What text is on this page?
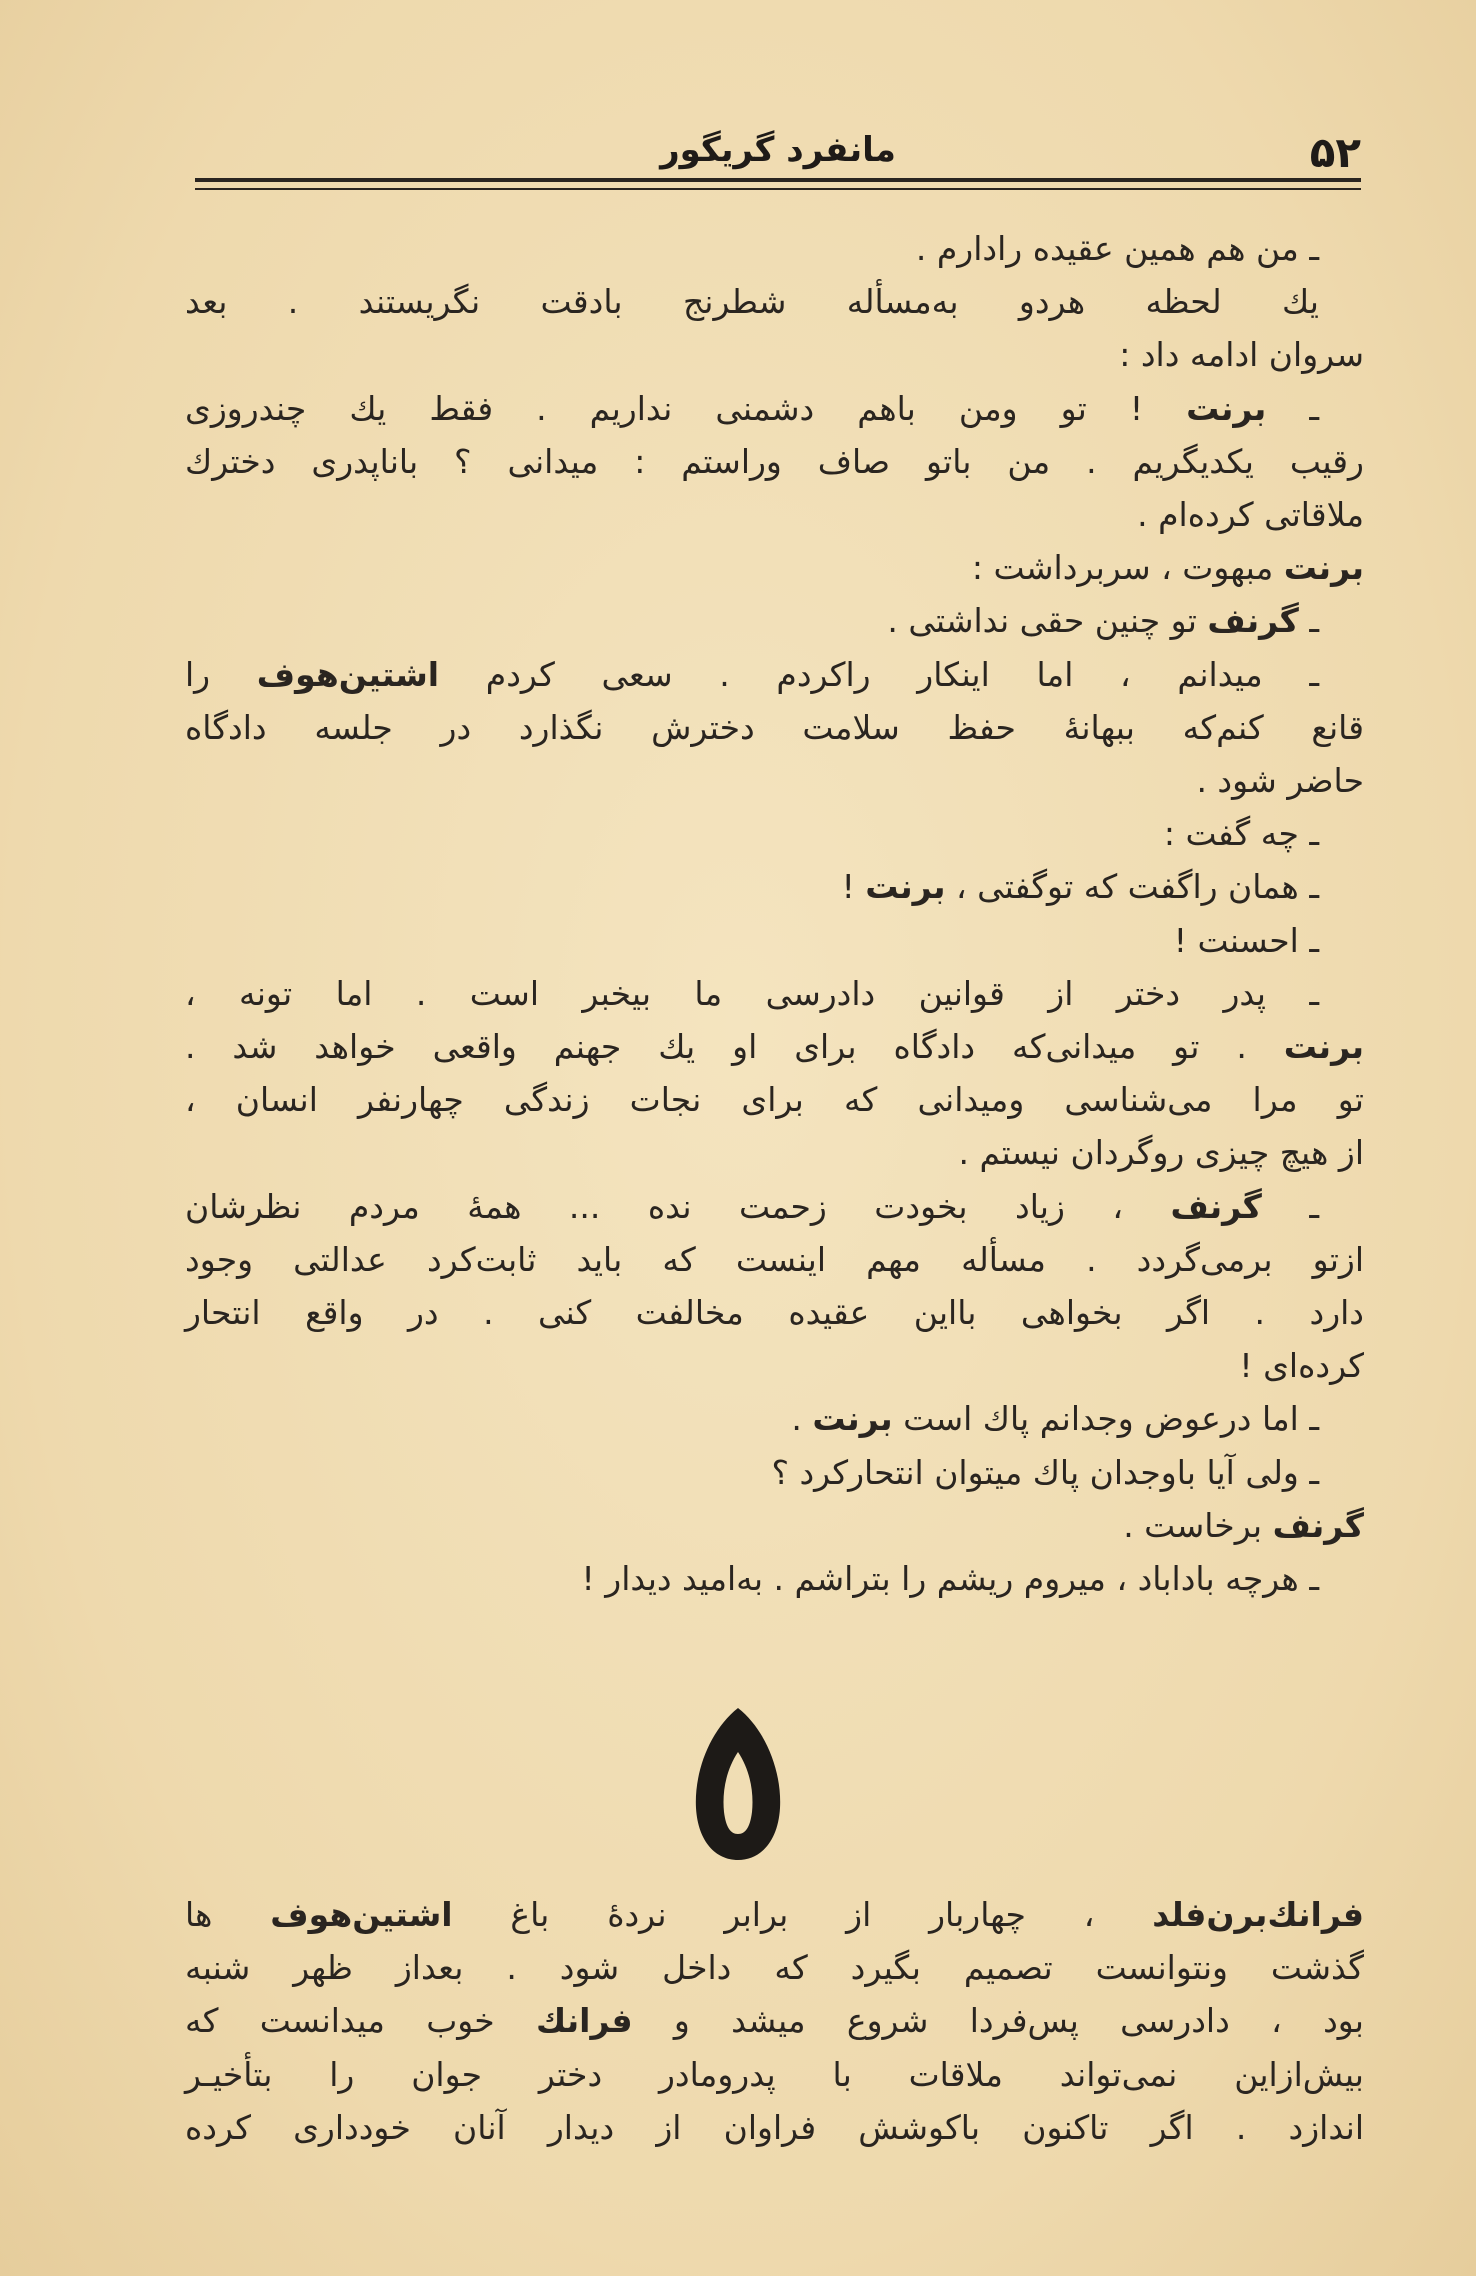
۵۲
مانفرد گریگور
ـ من هم همین عقیده رادارم .
يك لحظه هردو به‌مسأله شطرنج بادقت نگریستند . بعد
سروان ادامه داد :
ـ برنت ! تو ومن باهم دشمنی نداریم . فقط يك چندروزی
رقیب یکدیگریم . من باتو صاف وراستم : میدانی ؟ باناپدری دخترك
ملاقاتی کرده‌ام .
برنت مبهوت ، سربرداشت :
ـ گرنف تو چنین حقی نداشتی .
ـ میدانم ، اما اینکار راکردم . سعی کردم اشتین‌هوف را
قانع کنم‌که ببهانهٔ حفظ سلامت دخترش نگذارد در جلسه دادگاه
حاضر شود .
ـ چه گفت :
ـ همان راگفت که توگفتی ، برنت !
ـ احسنت !
ـ پدر دختر از قوانین دادرسی ما بیخبر است . اما تونه ،
برنت . تو میدانی‌که دادگاه برای او يك جهنم واقعی خواهد شد .
تو مرا می‌شناسی ومیدانی که برای نجات زندگی چهارنفر انسان ،
از هیچ چیزی روگردان نیستم .
ـ گرنف ، زیاد بخودت زحمت نده ... همهٔ مردم نظرشان
ازتو برمی‌گردد . مسأله مهم اینست که باید ثابت‌کرد عدالتی وجود
دارد . اگر بخواهی بااین عقیده مخالفت کنی . در واقع انتحار
کرده‌ای !
ـ اما درعوض وجدانم پاك است برنت .
ـ ولی آیا باوجدان پاك میتوان انتحارکرد ؟
گرنف برخاست .
ـ هرچه باداباد ، میروم ریشم را بتراشم . به‌امید دیدار !
فرانك‌برن‌فلد ، چهاربار از برابر نردهٔ باغ اشتین‌هوف ها
گذشت ونتوانست تصمیم بگیرد که داخل شود . بعداز ظهر شنبه
بود ، دادرسی پس‌فردا شروع میشد و فرانك خوب میدانست که
بیش‌ازاین نمی‌تواند ملاقات با پدرومادر دختر جوان را بتأخیـر
اندازد . اگر تاکنون باکوشش فراوان از دیدار آنان خودداری کرده
